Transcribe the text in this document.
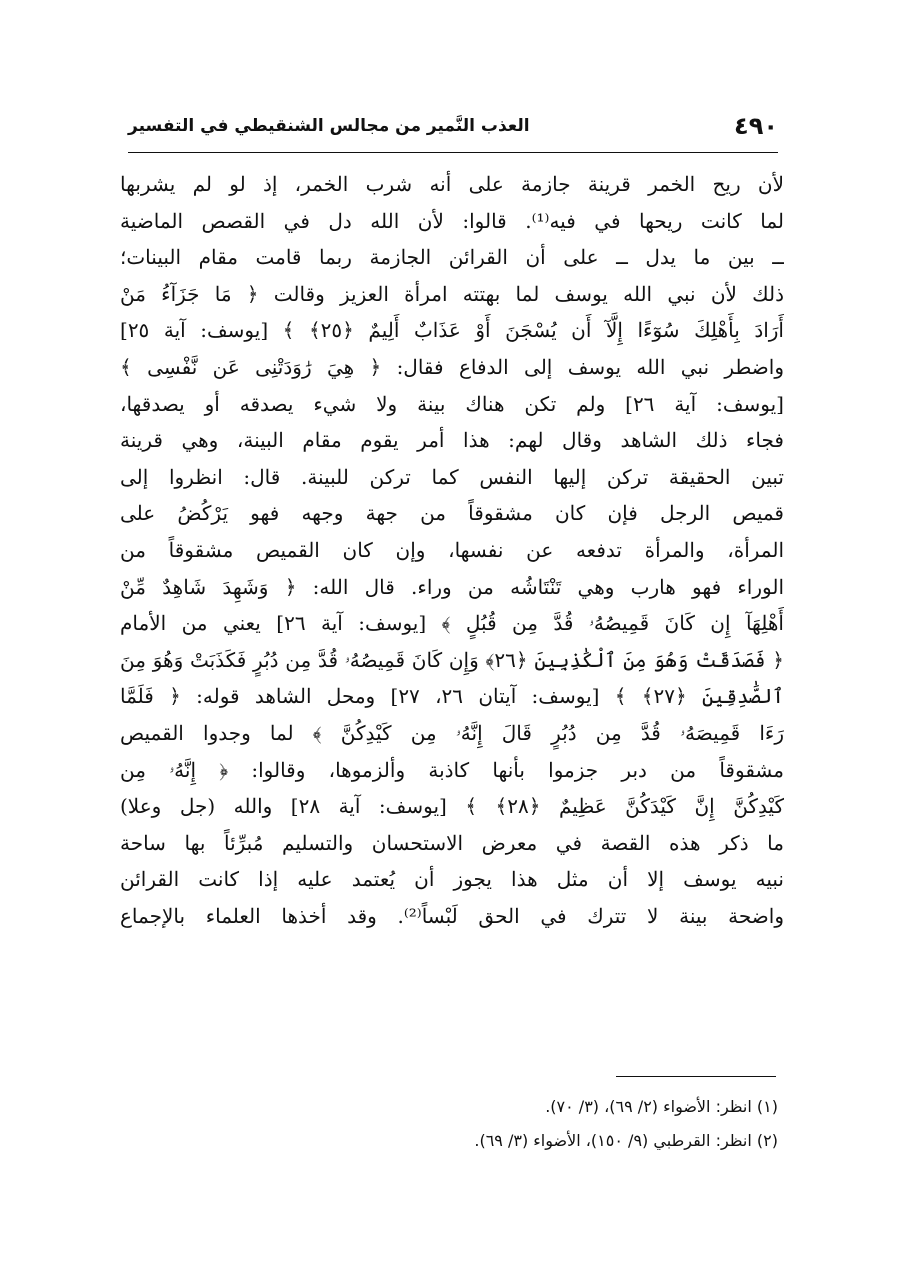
٤٩٠
العذب النَّمير من مجالس الشنقيطي في التفسير
لأن ريح الخمر قرينة جازمة على أنه شرب الخمر، إذ لو لم يشربها
لما كانت ريحها في فيه⁽¹⁾. قالوا: لأن الله دل في القصص الماضية
ــ بين ما يدل ــ على أن القرائن الجازمة ربما قامت مقام البينات؛
ذلك لأن نبي الله يوسف لما بهتته امرأة العزيز وقالت ﴿ مَا جَزَآءُ مَنْ
أَرَادَ بِأَهْلِكَ سُوٓءًا إِلَّآ أَن يُسْجَنَ أَوْ عَذَابٌ أَلِيمٌ ﴿٢٥﴾ ﴾ [يوسف: آية ٢٥]
واضطر نبي الله يوسف إلى الدفاع فقال: ﴿ هِيَ رَٰوَدَتْنِى عَن نَّفْسِى ﴾
[يوسف: آية ٢٦] ولم تكن هناك بينة ولا شيء يصدقه أو يصدقها،
فجاء ذلك الشاهد وقال لهم: هذا أمر يقوم مقام البينة، وهي قرينة
تبين الحقيقة تركن إليها النفس كما تركن للبينة. قال: انظروا إلى
قميص الرجل فإن كان مشقوقاً من جهة وجهه فهو يَرْكُضُ على
المرأة، والمرأة تدفعه عن نفسها، وإن كان القميص مشقوقاً من
الوراء فهو هارب وهي تَنْتَاشُه من وراء. قال الله: ﴿ وَشَهِدَ شَاهِدٌ مِّنْ
أَهْلِهَآ إِن كَانَ قَمِيصُهُۥ قُدَّ مِن قُبُلٍ ﴾ [يوسف: آية ٢٦] يعني من الأمام
﴿ فَصَدَقَتْ وَهُوَ مِنَ ٱلْكَٰذِبِينَ ﴿٢٦﴾ وَإِن كَانَ قَمِيصُهُۥ قُدَّ مِن دُبُرٍ فَكَذَبَتْ وَهُوَ مِنَ
ٱلصَّٰدِقِينَ ﴿٢٧﴾ ﴾ [يوسف: آيتان ٢٦، ٢٧] ومحل الشاهد قوله: ﴿ فَلَمَّا
رَءَا قَمِيصَهُۥ قُدَّ مِن دُبُرٍ قَالَ إِنَّهُۥ مِن كَيْدِكُنَّ ﴾ لما وجدوا القميص
مشقوقاً من دبر جزموا بأنها كاذبة وألزموها، وقالوا: ﴿ إِنَّهُۥ مِن
كَيْدِكُنَّ إِنَّ كَيْدَكُنَّ عَظِيمٌ ﴿٢٨﴾ ﴾ [يوسف: آية ٢٨] والله (جل وعلا)
ما ذكر هذه القصة في معرض الاستحسان والتسليم مُبرِّئاً بها ساحة
نبيه يوسف إلا أن مثل هذا يجوز أن يُعتمد عليه إذا كانت القرائن
واضحة بينة لا تترك في الحق لَبْساً⁽²⁾. وقد أخذها العلماء بالإجماع
(١) انظر: الأضواء (٢/ ٦٩)، (٣/ ٧٠).
(٢) انظر: القرطبي (٩/ ١٥٠)، الأضواء (٣/ ٦٩).
